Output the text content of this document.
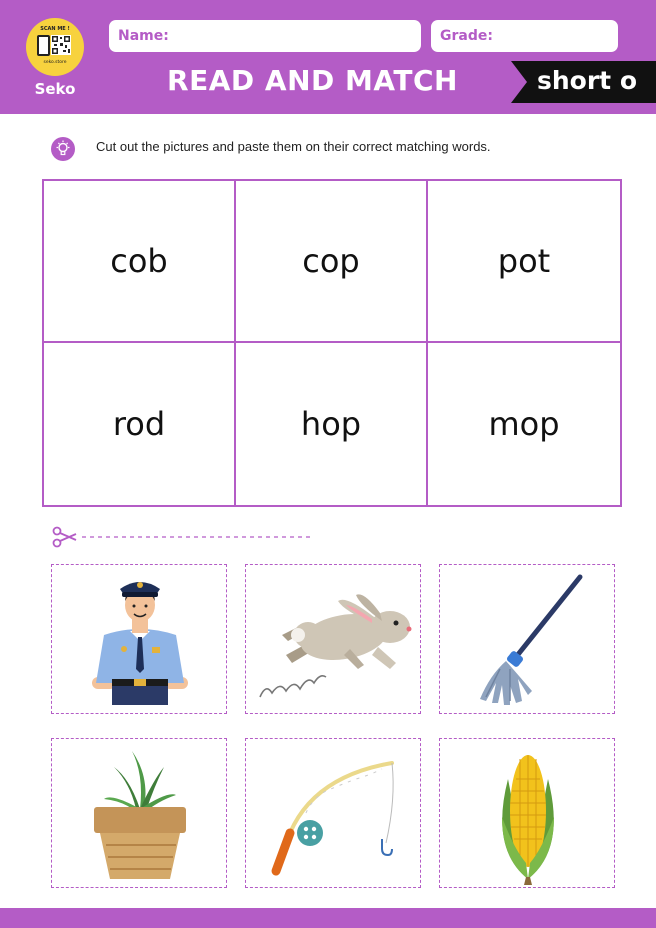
SCAN ME !
seko.store
Seko
Name:	Grade:
READ AND MATCH	short o
Cut out the pictures and paste them on their correct matching words.
cob	cop	pot
rod	hop	mop
